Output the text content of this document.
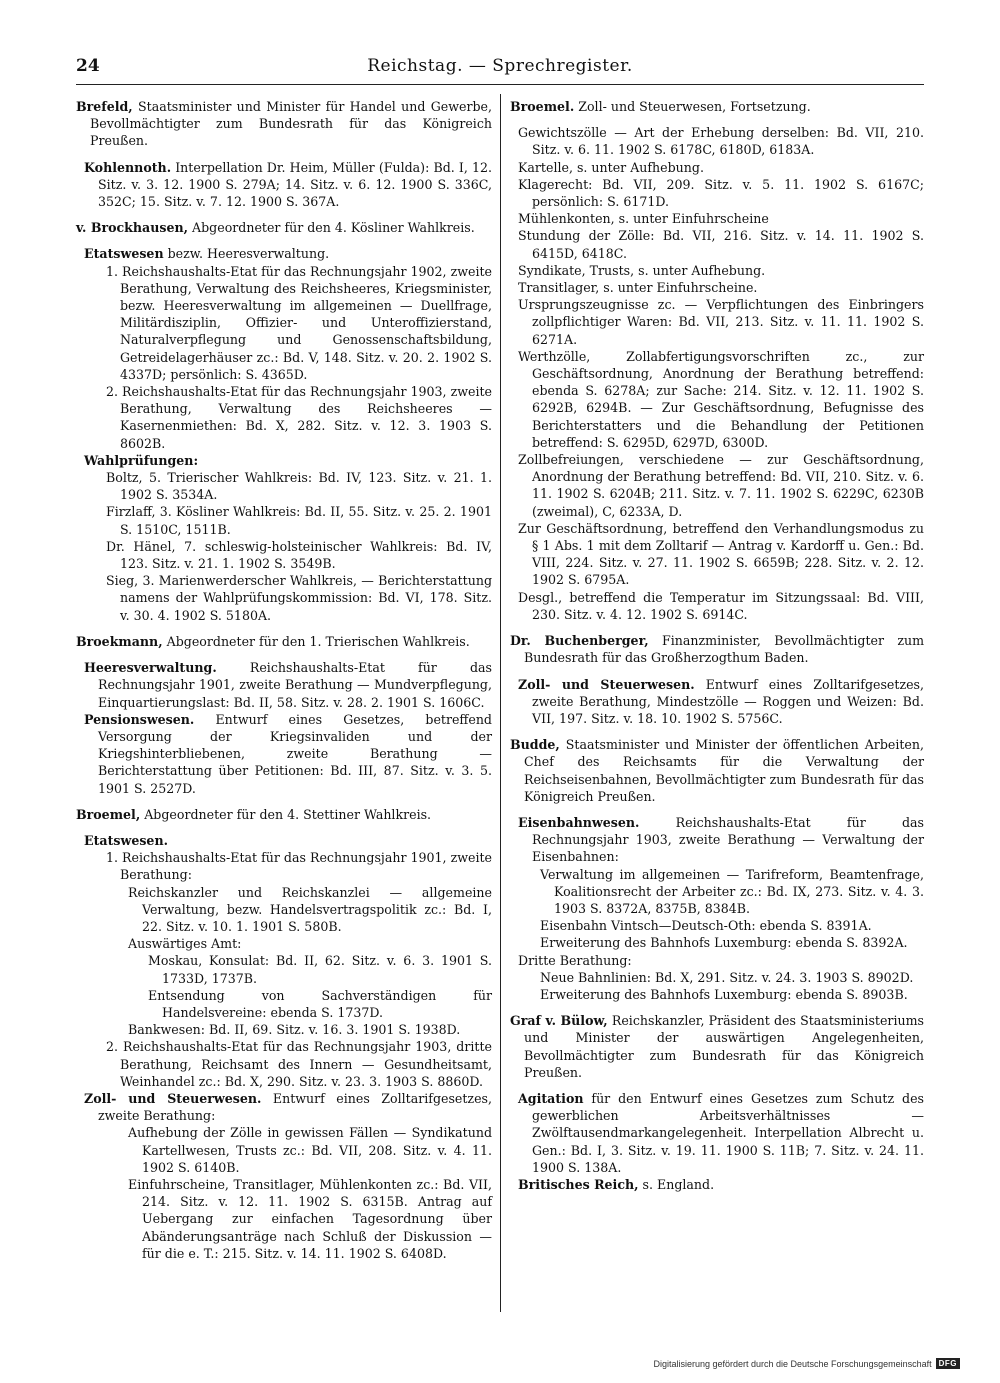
24	Reichstag. — Sprechregister.
Brefeld, Staatsminister und Minister für Handel und Gewerbe, Bevollmächtigter zum Bundesrath für das Königreich Preußen.
Kohlennoth. Interpellation Dr. Heim, Müller (Fulda): Bd. I, 12. Sitz. v. 3. 12. 1900 S. 279A; 14. Sitz. v. 6. 12. 1900 S. 336C, 352C; 15. Sitz. v. 7. 12. 1900 S. 367A.
v. Brockhausen, Abgeordneter für den 4. Kösliner Wahlkreis.
Etatswesen bezw. Heeresverwaltung.
1. Reichshaushalts-Etat für das Rechnungsjahr 1902, zweite Berathung, Verwaltung des Reichsheeres, Kriegsminister, bezw. Heeresverwaltung im allgemeinen — Duellfrage, Militärdisziplin, Offizier- und Unteroffizierstand, Naturalverpflegung und Genossenschaftsbildung, Getreidelagerhäuser zc.: Bd. V, 148. Sitz. v. 20. 2. 1902 S. 4337D; persönlich: S. 4365D.
2. Reichshaushalts-Etat für das Rechnungsjahr 1903, zweite Berathung, Verwaltung des Reichsheeres — Kasernenmiethen: Bd. X, 282. Sitz. v. 12. 3. 1903 S. 8602B.
Wahlprüfungen:
Boltz, 5. Trierischer Wahlkreis: Bd. IV, 123. Sitz. v. 21. 1. 1902 S. 3534A.
Firzlaff, 3. Kösliner Wahlkreis: Bd. II, 55. Sitz. v. 25. 2. 1901 S. 1510C, 1511B.
Dr. Hänel, 7. schleswig-holsteinischer Wahlkreis: Bd. IV, 123. Sitz. v. 21. 1. 1902 S. 3549B.
Sieg, 3. Marienwerderscher Wahlkreis, — Berichterstattung namens der Wahlprüfungskommission: Bd. VI, 178. Sitz. v. 30. 4. 1902 S. 5180A.
Broekmann, Abgeordneter für den 1. Trierischen Wahlkreis.
Heeresverwaltung. Reichshaushalts-Etat für das Rechnungsjahr 1901, zweite Berathung — Mundverpflegung, Einquartierungslast: Bd. II, 58. Sitz. v. 28. 2. 1901 S. 1606C.
Pensionswesen. Entwurf eines Gesetzes, betreffend Versorgung der Kriegsinvaliden und der Kriegshinterbliebenen, zweite Berathung — Berichterstattung über Petitionen: Bd. III, 87. Sitz. v. 3. 5. 1901 S. 2527D.
Broemel, Abgeordneter für den 4. Stettiner Wahlkreis.
Etatswesen.
1. Reichshaushalts-Etat für das Rechnungsjahr 1901, zweite Berathung:
Reichskanzler und Reichskanzlei — allgemeine Verwaltung, bezw. Handelsvertragspolitik zc.: Bd. I, 22. Sitz. v. 10. 1. 1901 S. 580B.
Auswärtiges Amt:
Moskau, Konsulat: Bd. II, 62. Sitz. v. 6. 3. 1901 S. 1733D, 1737B.
Entsendung von Sachverständigen für Handelsvereine: ebenda S. 1737D.
Bankwesen: Bd. II, 69. Sitz. v. 16. 3. 1901 S. 1938D.
2. Reichshaushalts-Etat für das Rechnungsjahr 1903, dritte Berathung, Reichsamt des Innern — Gesundheitsamt, Weinhandel zc.: Bd. X, 290. Sitz. v. 23. 3. 1903 S. 8860D.
Zoll- und Steuerwesen. Entwurf eines Zolltarifgesetzes, zweite Berathung:
Aufhebung der Zölle in gewissen Fällen — Syndikatund Kartellwesen, Trusts zc.: Bd. VII, 208. Sitz. v. 4. 11. 1902 S. 6140B.
Einfuhrscheine, Transitlager, Mühlenkonten zc.: Bd. VII, 214. Sitz. v. 12. 11. 1902 S. 6315B. Antrag auf Uebergang zur einfachen Tagesordnung über Abänderungsanträge nach Schluß der Diskussion — für die e. T.: 215. Sitz. v. 14. 11. 1902 S. 6408D.
Broemel. Zoll- und Steuerwesen, Fortsetzung.
Gewichtszölle — Art der Erhebung derselben: Bd. VII, 210. Sitz. v. 6. 11. 1902 S. 6178C, 6180D, 6183A.
Kartelle, s. unter Aufhebung.
Klagerecht: Bd. VII, 209. Sitz. v. 5. 11. 1902 S. 6167C; persönlich: S. 6171D.
Mühlenkonten, s. unter Einfuhrscheine
Stundung der Zölle: Bd. VII, 216. Sitz. v. 14. 11. 1902 S. 6415D, 6418C.
Syndikate, Trusts, s. unter Aufhebung.
Transitlager, s. unter Einfuhrscheine.
Ursprungszeugnisse zc. — Verpflichtungen des Einbringers zollpflichtiger Waren: Bd. VII, 213. Sitz. v. 11. 11. 1902 S. 6271A.
Werthzölle, Zollabfertigungsvorschriften zc., zur Geschäftsordnung, Anordnung der Berathung betreffend: ebenda S. 6278A; zur Sache: 214. Sitz. v. 12. 11. 1902 S. 6292B, 6294B. — Zur Geschäftsordnung, Befugnisse des Berichterstatters und die Behandlung der Petitionen betreffend: S. 6295D, 6297D, 6300D.
Zollbefreiungen, verschiedene — zur Geschäftsordnung, Anordnung der Berathung betreffend: Bd. VII, 210. Sitz. v. 6. 11. 1902 S. 6204B; 211. Sitz. v. 7. 11. 1902 S. 6229C, 6230B (zweimal), C, 6233A, D.
Zur Geschäftsordnung, betreffend den Verhandlungsmodus zu § 1 Abs. 1 mit dem Zolltarif — Antrag v. Kardorff u. Gen.: Bd. VIII, 224. Sitz. v. 27. 11. 1902 S. 6659B; 228. Sitz. v. 2. 12. 1902 S. 6795A.
Desgl., betreffend die Temperatur im Sitzungssaal: Bd. VIII, 230. Sitz. v. 4. 12. 1902 S. 6914C.
Dr. Buchenberger, Finanzminister, Bevollmächtigter zum Bundesrath für das Großherzogthum Baden.
Zoll- und Steuerwesen. Entwurf eines Zolltarifgesetzes, zweite Berathung, Mindestzölle — Roggen und Weizen: Bd. VII, 197. Sitz. v. 18. 10. 1902 S. 5756C.
Budde, Staatsminister und Minister der öffentlichen Arbeiten, Chef des Reichsamts für die Verwaltung der Reichseisenbahnen, Bevollmächtigter zum Bundesrath für das Königreich Preußen.
Eisenbahnwesen. Reichshaushalts-Etat für das Rechnungsjahr 1903, zweite Berathung — Verwaltung der Eisenbahnen:
Verwaltung im allgemeinen — Tarifreform, Beamtenfrage, Koalitionsrecht der Arbeiter zc.: Bd. IX, 273. Sitz. v. 4. 3. 1903 S. 8372A, 8375B, 8384B.
Eisenbahn Vintsch—Deutsch-Oth: ebenda S. 8391A.
Erweiterung des Bahnhofs Luxemburg: ebenda S. 8392A.
Dritte Berathung:
Neue Bahnlinien: Bd. X, 291. Sitz. v. 24. 3. 1903 S. 8902D.
Erweiterung des Bahnhofs Luxemburg: ebenda S. 8903B.
Graf v. Bülow, Reichskanzler, Präsident des Staatsministeriums und Minister der auswärtigen Angelegenheiten, Bevollmächtigter zum Bundesrath für das Königreich Preußen.
Agitation für den Entwurf eines Gesetzes zum Schutz des gewerblichen Arbeitsverhältnisses — Zwölftausendmarkangelegenheit. Interpellation Albrecht u. Gen.: Bd. I, 3. Sitz. v. 19. 11. 1900 S. 11B; 7. Sitz. v. 24. 11. 1900 S. 138A.
Britisches Reich, s. England.
Digitalisierung gefördert durch die Deutsche Forschungsgemeinschaft DFG
